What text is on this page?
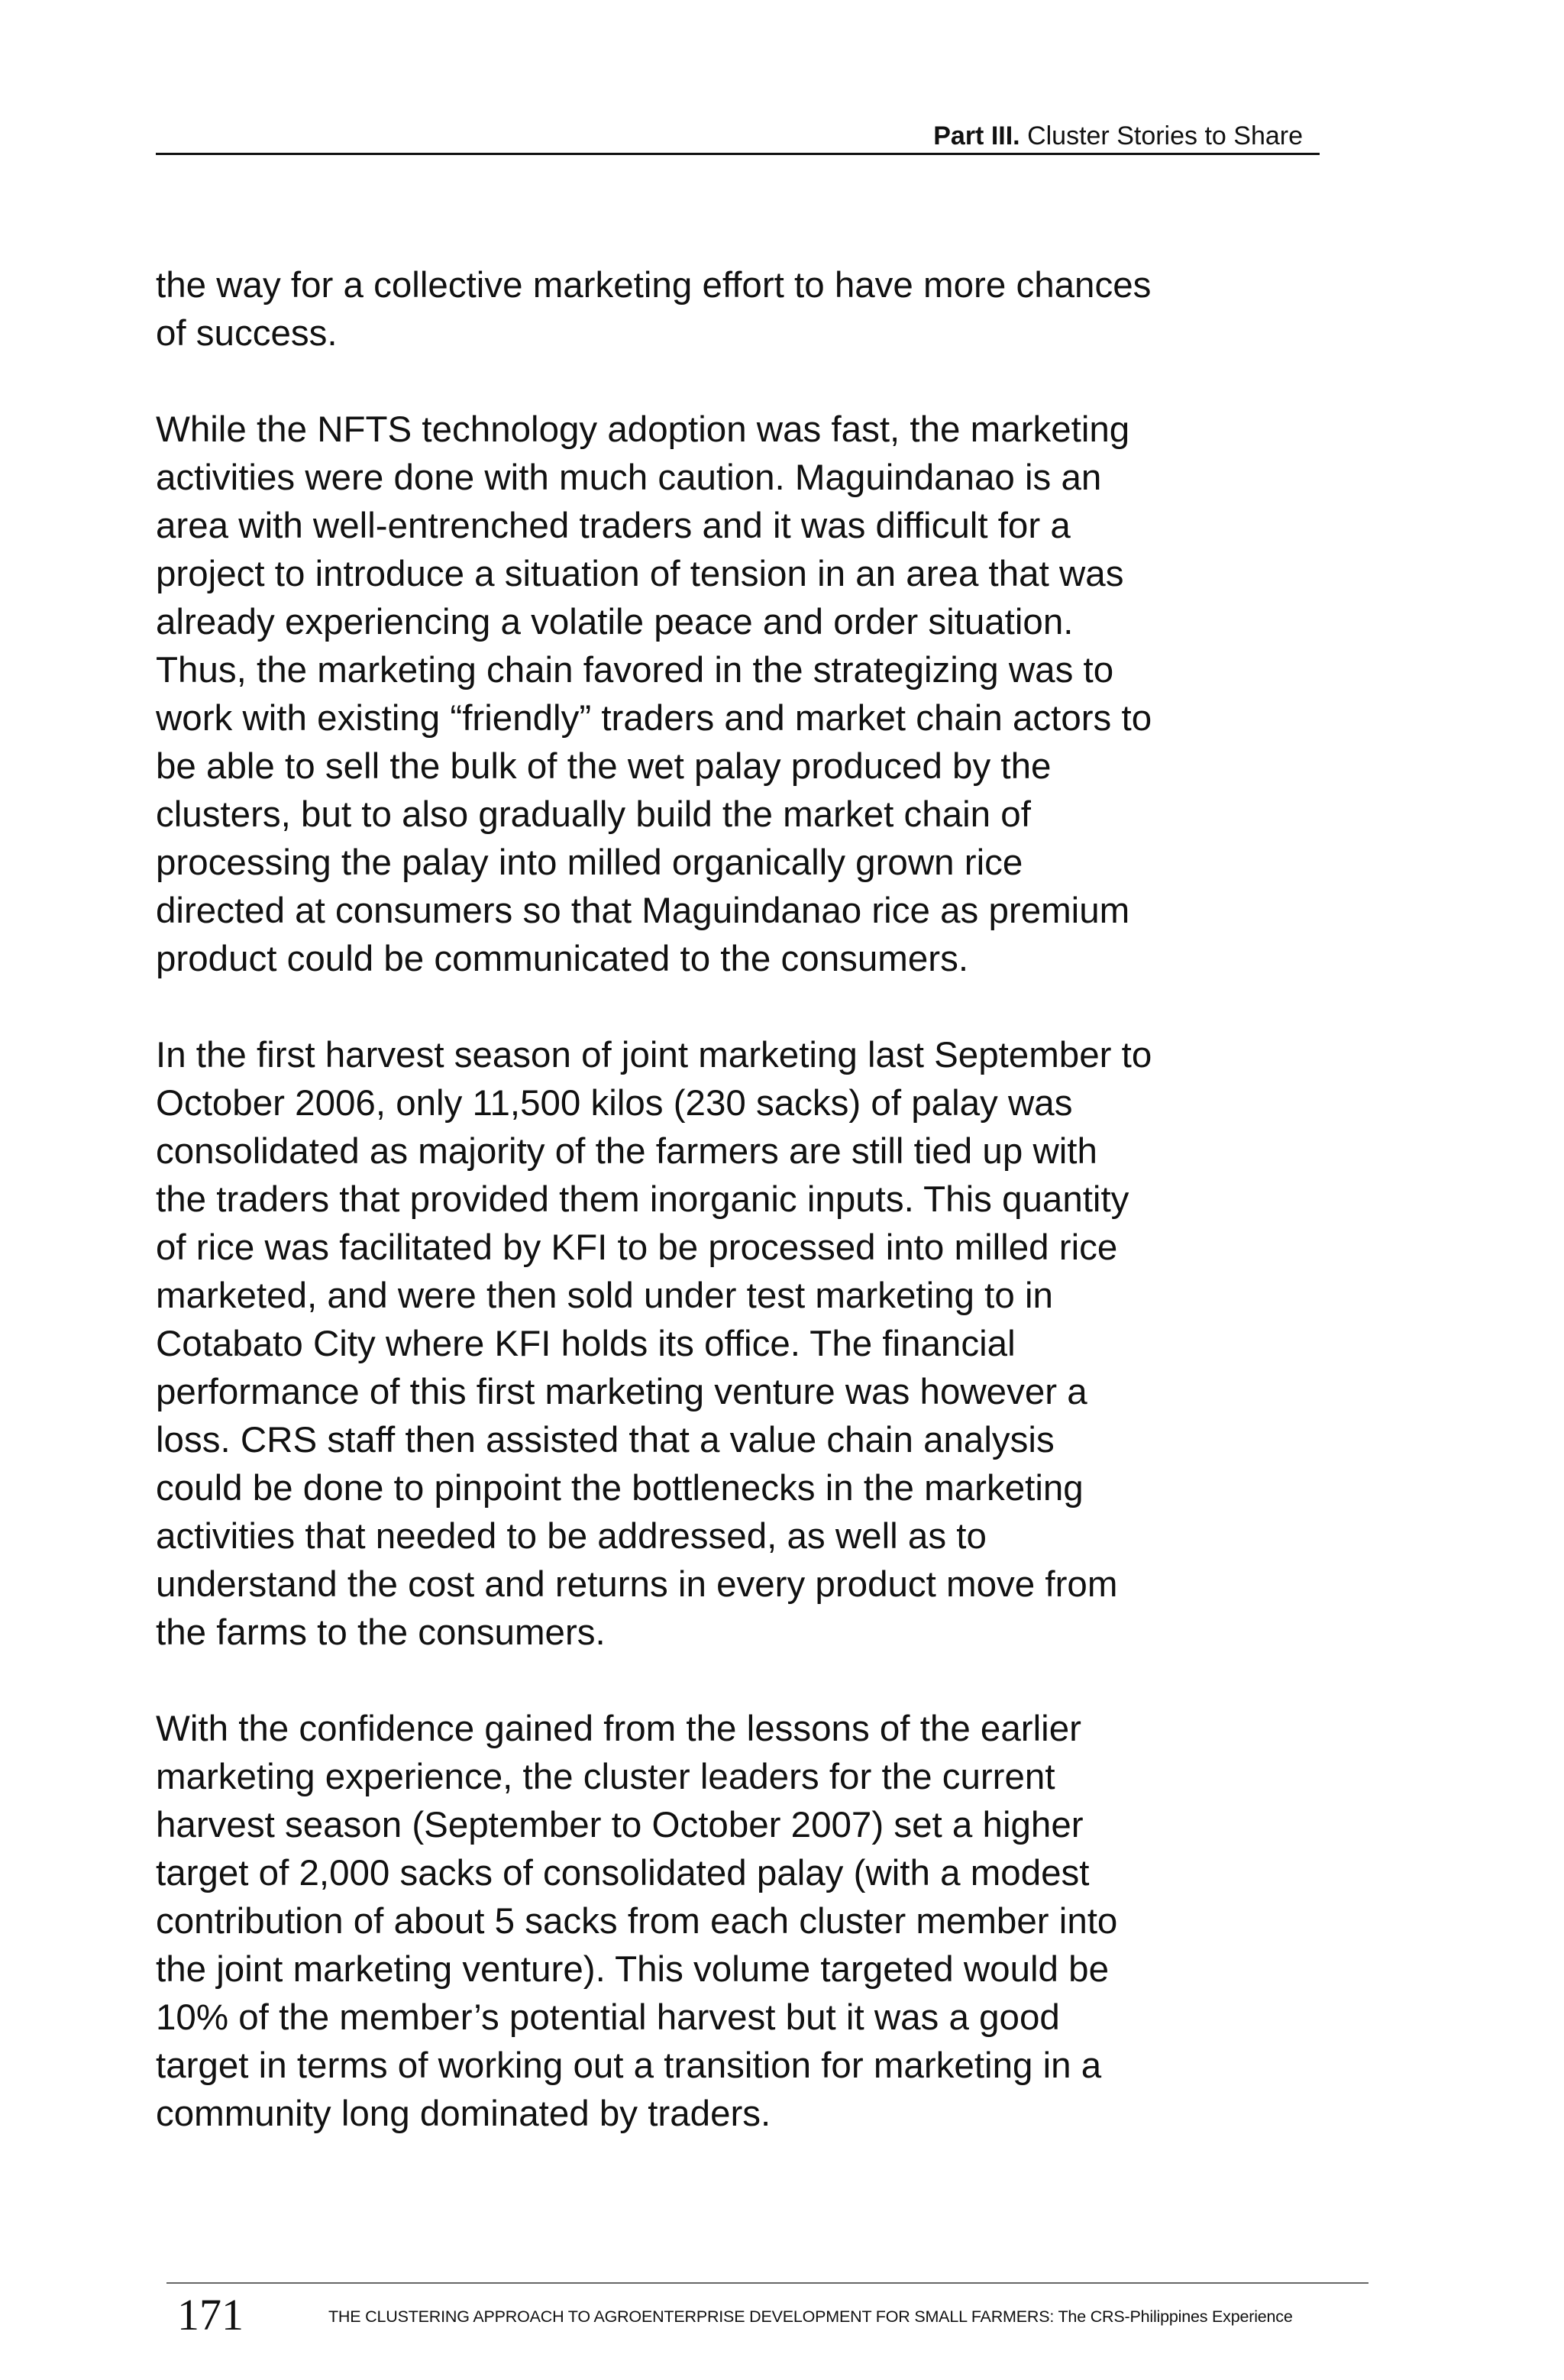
Part III. Cluster Stories to Share

the way for a collective marketing effort to have more chances
of success.

While the NFTS technology adoption was fast, the marketing
activities were done with much caution. Maguindanao is an
area with well-entrenched traders and it was difficult for a
project to introduce a situation of tension in an area that was
already experiencing a volatile peace and order situation.
Thus, the marketing chain favored in the strategizing was to
work with existing “friendly” traders and market chain actors to
be able to sell the bulk of the wet palay produced by the
clusters, but to also gradually build the market chain of
processing the palay into milled organically grown rice
directed at consumers so that Maguindanao rice as premium
product could be communicated to the consumers.

In the first harvest season of joint marketing last September to
October 2006, only 11,500 kilos (230 sacks) of palay was
consolidated as majority of the farmers are still tied up with
the traders that provided them inorganic inputs. This quantity
of rice was facilitated by KFI to be processed into milled rice
marketed, and were then sold under test marketing to in
Cotabato City where KFI holds its office. The financial
performance of this first marketing venture was however a
loss. CRS staff then assisted that a value chain analysis
could be done to pinpoint the bottlenecks in the marketing
activities that needed to be addressed, as well as to
understand the cost and returns in every product move from
the farms to the consumers.

With the confidence gained from the lessons of the earlier
marketing experience, the cluster leaders for the current
harvest season (September to October 2007) set a higher
target of 2,000 sacks of consolidated palay (with a modest
contribution of about 5 sacks from each cluster member into
the joint marketing venture). This volume targeted would be
10% of the member’s potential harvest but it was a good
target in terms of working out a transition for marketing in a
community long dominated by traders.

171	THE CLUSTERING APPROACH TO AGROENTERPRISE DEVELOPMENT FOR SMALL FARMERS: The CRS-Philippines Experience
